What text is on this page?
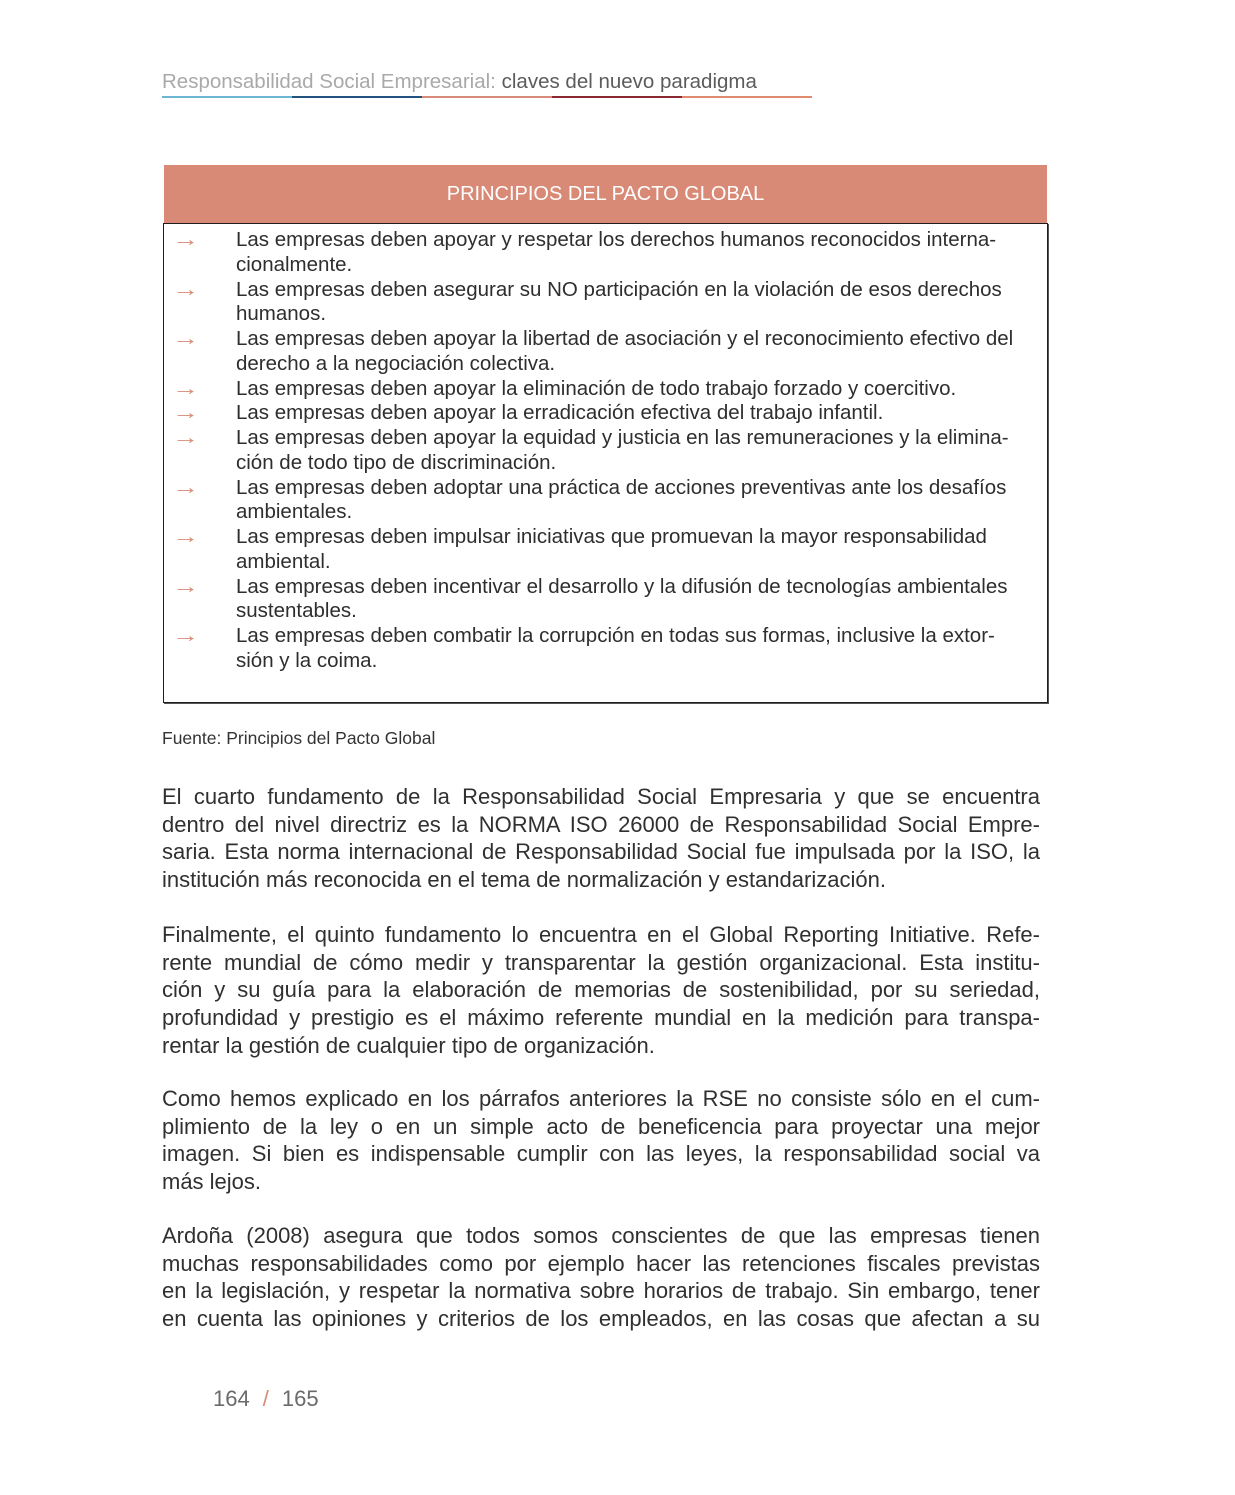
Responsabilidad Social Empresarial: claves del nuevo paradigma
PRINCIPIOS DEL PACTO GLOBAL
→ Las empresas deben apoyar y respetar los derechos humanos reconocidos interna-
cionalmente.
→ Las empresas deben asegurar su NO participación en la violación de esos derechos
humanos.
→ Las empresas deben apoyar la libertad de asociación y el reconocimiento efectivo del
derecho a la negociación colectiva.
→ Las empresas deben apoyar la eliminación de todo trabajo forzado y coercitivo.
→ Las empresas deben apoyar la erradicación efectiva del trabajo infantil.
→ Las empresas deben apoyar la equidad y justicia en las remuneraciones y la elimina-
ción de todo tipo de discriminación.
→ Las empresas deben adoptar una práctica de acciones preventivas ante los desafíos
ambientales.
→ Las empresas deben impulsar iniciativas que promuevan la mayor responsabilidad
ambiental.
→ Las empresas deben incentivar el desarrollo y la difusión de tecnologías ambientales
sustentables.
→ Las empresas deben combatir la corrupción en todas sus formas, inclusive la extor-
sión y la coima.
Fuente: Principios del Pacto Global
El cuarto fundamento de la Responsabilidad Social Empresaria y que se encuentra
dentro del nivel directriz es la NORMA ISO 26000 de Responsabilidad Social Empre-
saria. Esta norma internacional de Responsabilidad Social fue impulsada por la ISO, la
institución más reconocida en el tema de normalización y estandarización.
Finalmente, el quinto fundamento lo encuentra en el Global Reporting Initiative. Refe-
rente mundial de cómo medir y transparentar la gestión organizacional. Esta institu-
ción y su guía para la elaboración de memorias de sostenibilidad, por su seriedad,
profundidad y prestigio es el máximo referente mundial en la medición para transpa-
rentar la gestión de cualquier tipo de organización.
Como hemos explicado en los párrafos anteriores la RSE no consiste sólo en el cum-
plimiento de la ley o en un simple acto de beneficencia para proyectar una mejor
imagen. Si bien es indispensable cumplir con las leyes, la responsabilidad social va
más lejos.
Ardoña (2008) asegura que todos somos conscientes de que las empresas tienen
muchas responsabilidades como por ejemplo hacer las retenciones fiscales previstas
en la legislación, y respetar la normativa sobre horarios de trabajo. Sin embargo, tener
en cuenta las opiniones y criterios de los empleados, en las cosas que afectan a su
164 / 165
